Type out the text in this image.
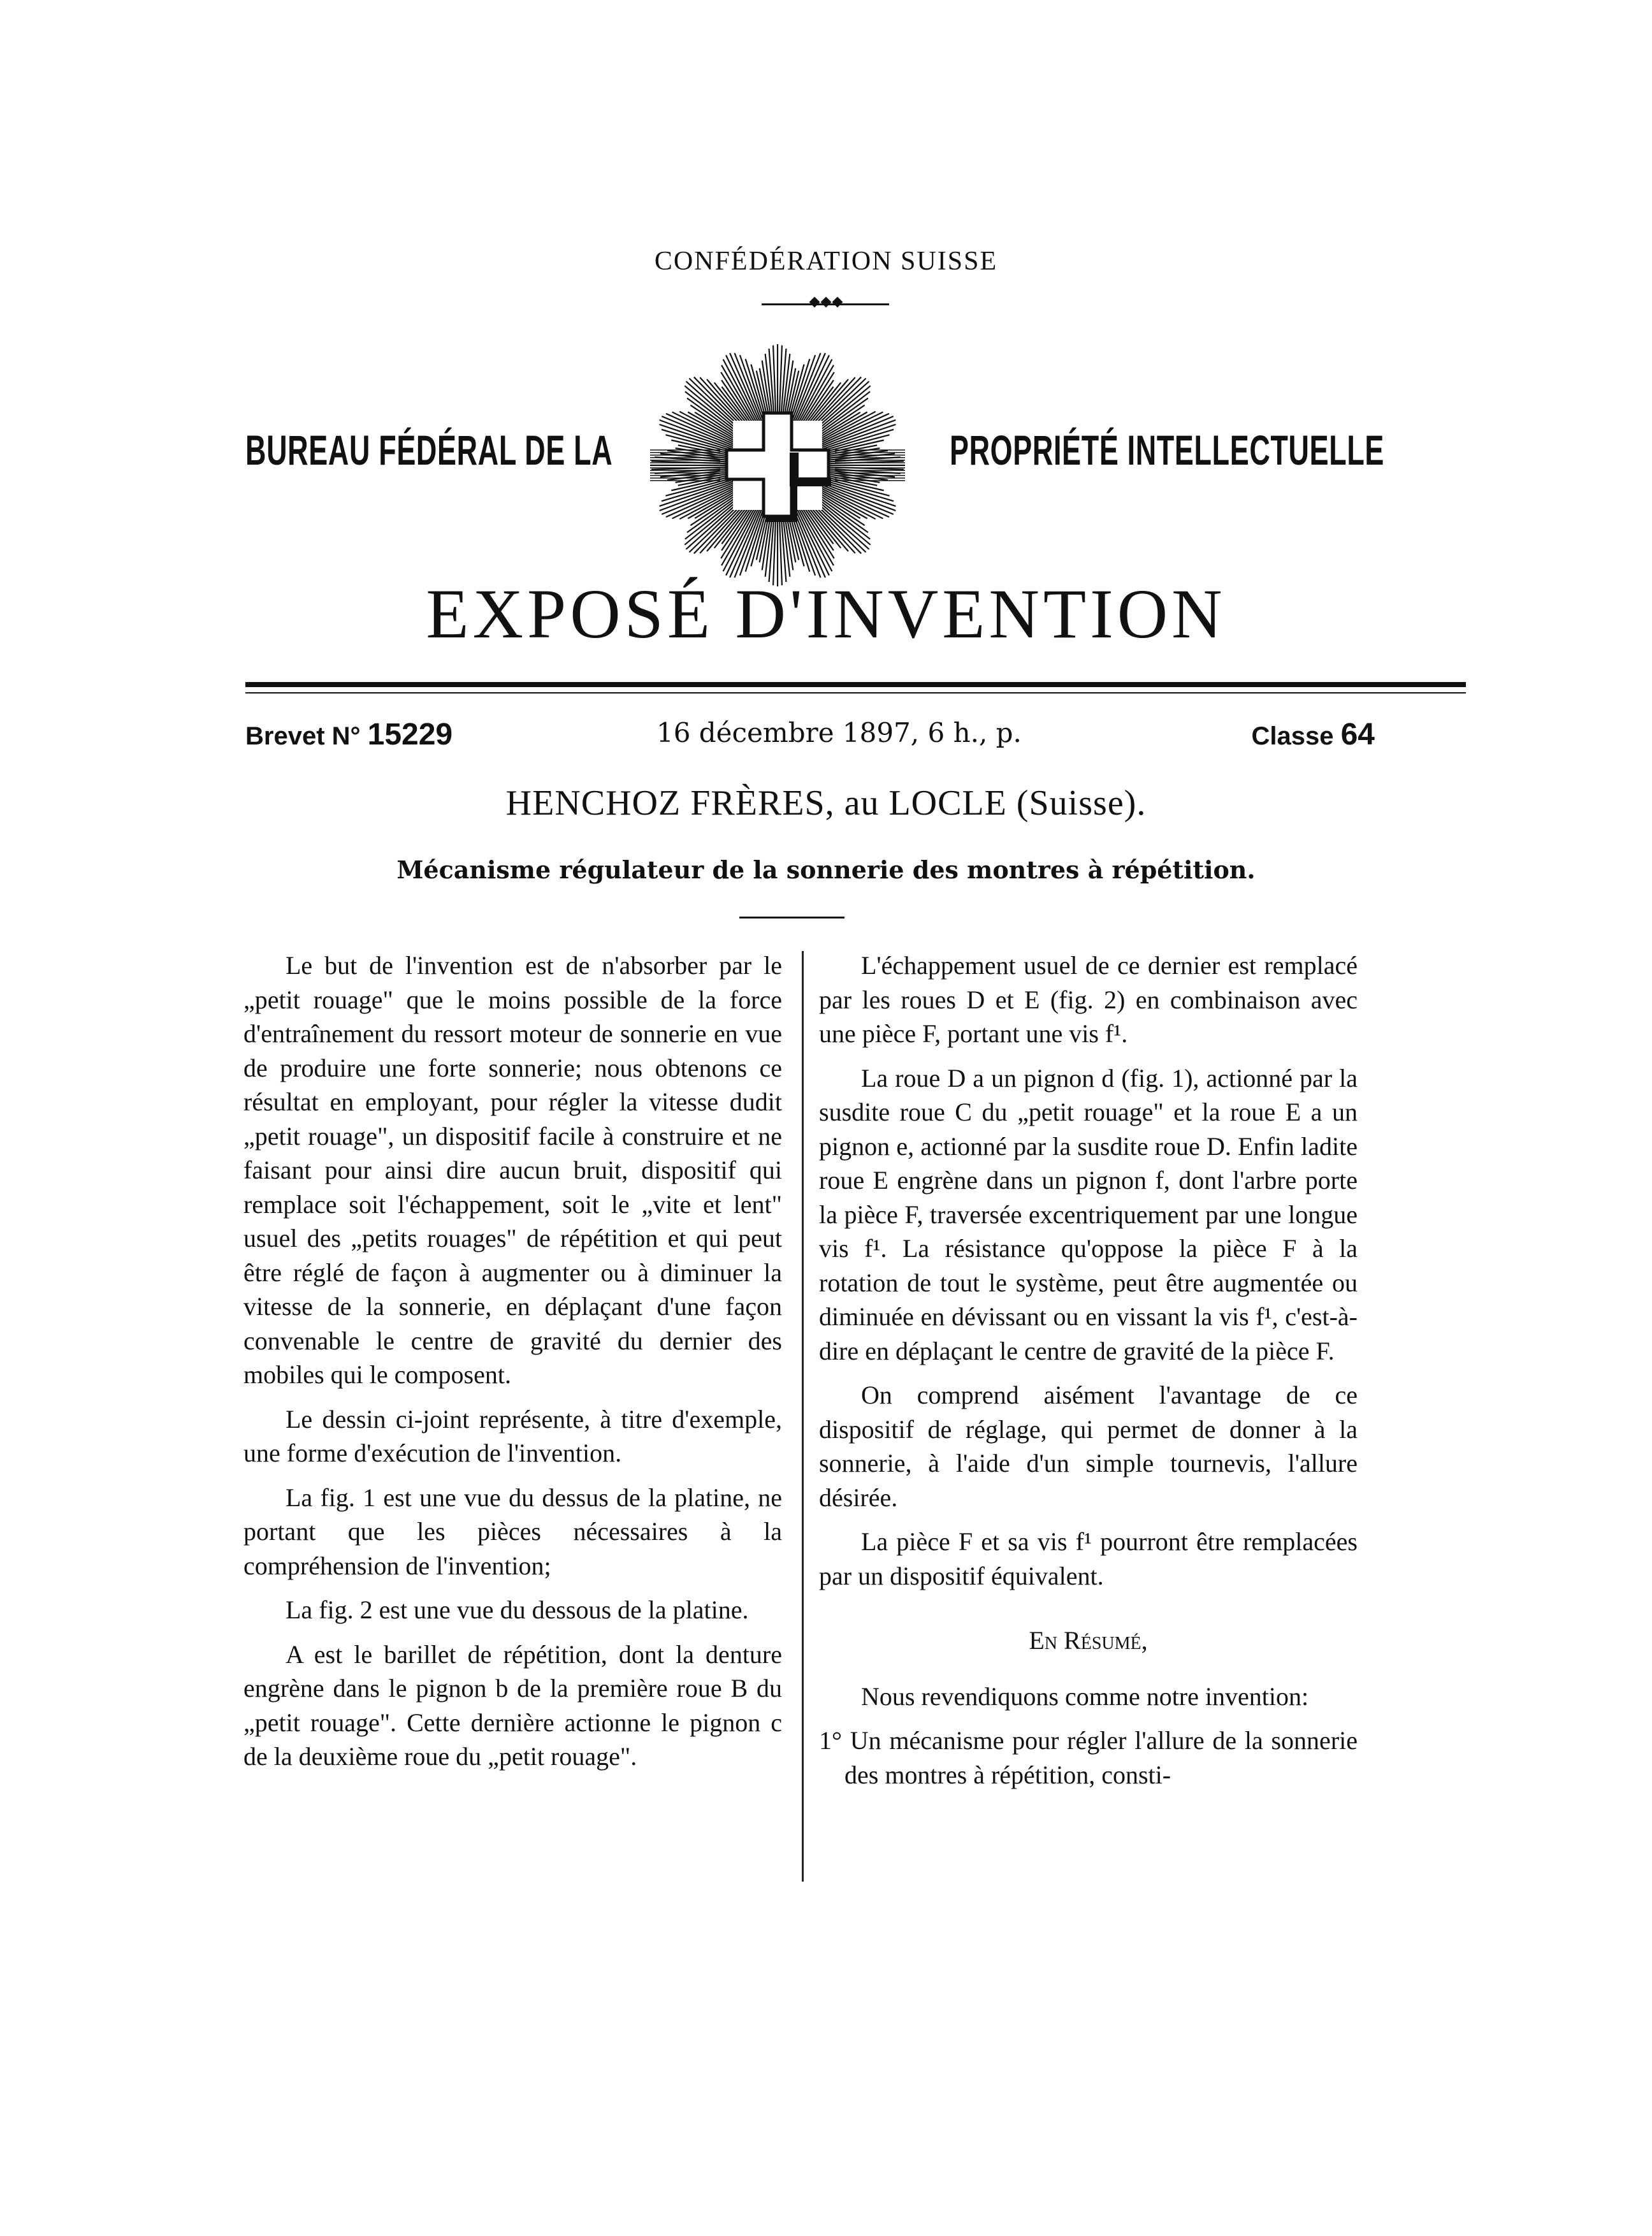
CONFÉDÉRATION SUISSE
BUREAU FÉDÉRAL DE LA	PROPRIÉTÉ INTELLECTUELLE
EXPOSÉ D'INVENTION
Brevet N° 15229	16 décembre 1897, 6 h., p.	Classe 64
HENCHOZ FRÈRES, au LOCLE (Suisse).
Mécanisme régulateur de la sonnerie des montres à répétition.

Le but de l'invention est de n'absorber par le „petit rouage" que le moins possible de la force d'entraînement du ressort moteur de sonnerie en vue de produire une forte sonnerie; nous obtenons ce résultat en employant, pour régler la vitesse dudit „petit rouage", un dispositif facile à construire et ne faisant pour ainsi dire aucun bruit, dispositif qui remplace soit l'échappement, soit le „vite et lent" usuel des „petits rouages" de répétition et qui peut être réglé de façon à augmenter ou à diminuer la vitesse de la sonnerie, en déplaçant d'une façon convenable le centre de gravité du dernier des mobiles qui le composent.

Le dessin ci-joint représente, à titre d'exemple, une forme d'exécution de l'invention.

La fig. 1 est une vue du dessus de la platine, ne portant que les pièces nécessaires à la compréhension de l'invention;

La fig. 2 est une vue du dessous de la platine.

A est le barillet de répétition, dont la denture engrène dans le pignon b de la première roue B du „petit rouage". Cette dernière actionne le pignon c de la deuxième roue du „petit rouage".

L'échappement usuel de ce dernier est remplacé par les roues D et E (fig. 2) en combinaison avec une pièce F, portant une vis f¹.

La roue D a un pignon d (fig. 1), actionné par la susdite roue C du „petit rouage" et la roue E a un pignon e, actionné par la susdite roue D. Enfin ladite roue E engrène dans un pignon f, dont l'arbre porte la pièce F, traversée excentriquement par une longue vis f¹. La résistance qu'oppose la pièce F à la rotation de tout le système, peut être augmentée ou diminuée en dévissant ou en vissant la vis f¹, c'est-à-dire en déplaçant le centre de gravité de la pièce F.

On comprend aisément l'avantage de ce dispositif de réglage, qui permet de donner à la sonnerie, à l'aide d'un simple tournevis, l'allure désirée.

La pièce F et sa vis f¹ pourront être remplacées par un dispositif équivalent.

En Résumé,

Nous revendiquons comme notre invention:

1° Un mécanisme pour régler l'allure de la sonnerie des montres à répétition, consti-
